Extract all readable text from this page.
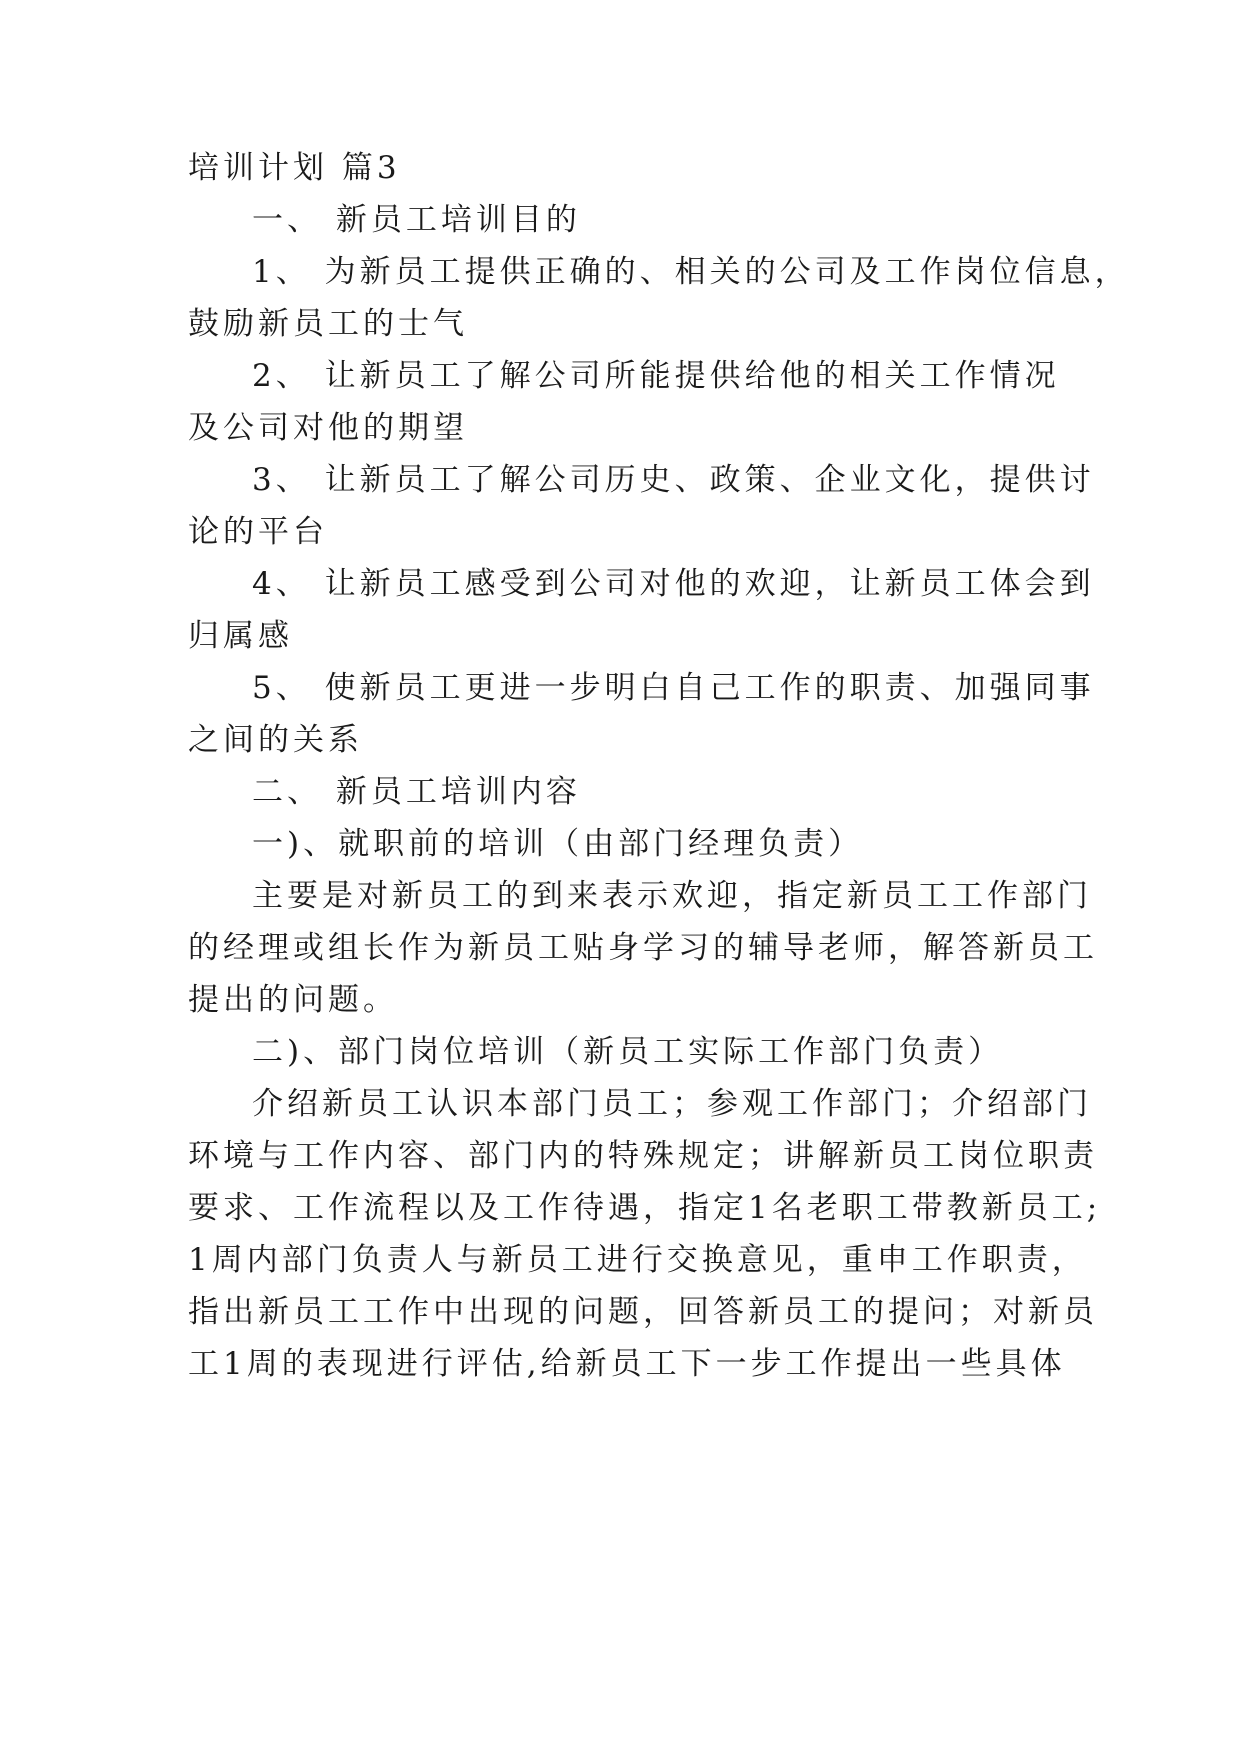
培训计划 篇3
一、 新员工培训目的
1、 为新员工提供正确的、相关的公司及工作岗位信息，
鼓励新员工的士气
2、 让新员工了解公司所能提供给他的相关工作情况
及公司对他的期望
3、 让新员工了解公司历史、政策、企业文化，提供讨
论的平台
4、 让新员工感受到公司对他的欢迎，让新员工体会到
归属感
5、 使新员工更进一步明白自己工作的职责、加强同事
之间的关系
二、 新员工培训内容
一)、就职前的培训（由部门经理负责）
主要是对新员工的到来表示欢迎，指定新员工工作部门
的经理或组长作为新员工贴身学习的辅导老师，解答新员工
提出的问题。
二)、部门岗位培训（新员工实际工作部门负责）
介绍新员工认识本部门员工；参观工作部门；介绍部门
环境与工作内容、部门内的特殊规定；讲解新员工岗位职责
要求、工作流程以及工作待遇，指定1名老职工带教新员工;
1周内部门负责人与新员工进行交换意见，重申工作职责，
指出新员工工作中出现的问题，回答新员工的提问；对新员
工1周的表现进行评估,给新员工下一步工作提出一些具体
